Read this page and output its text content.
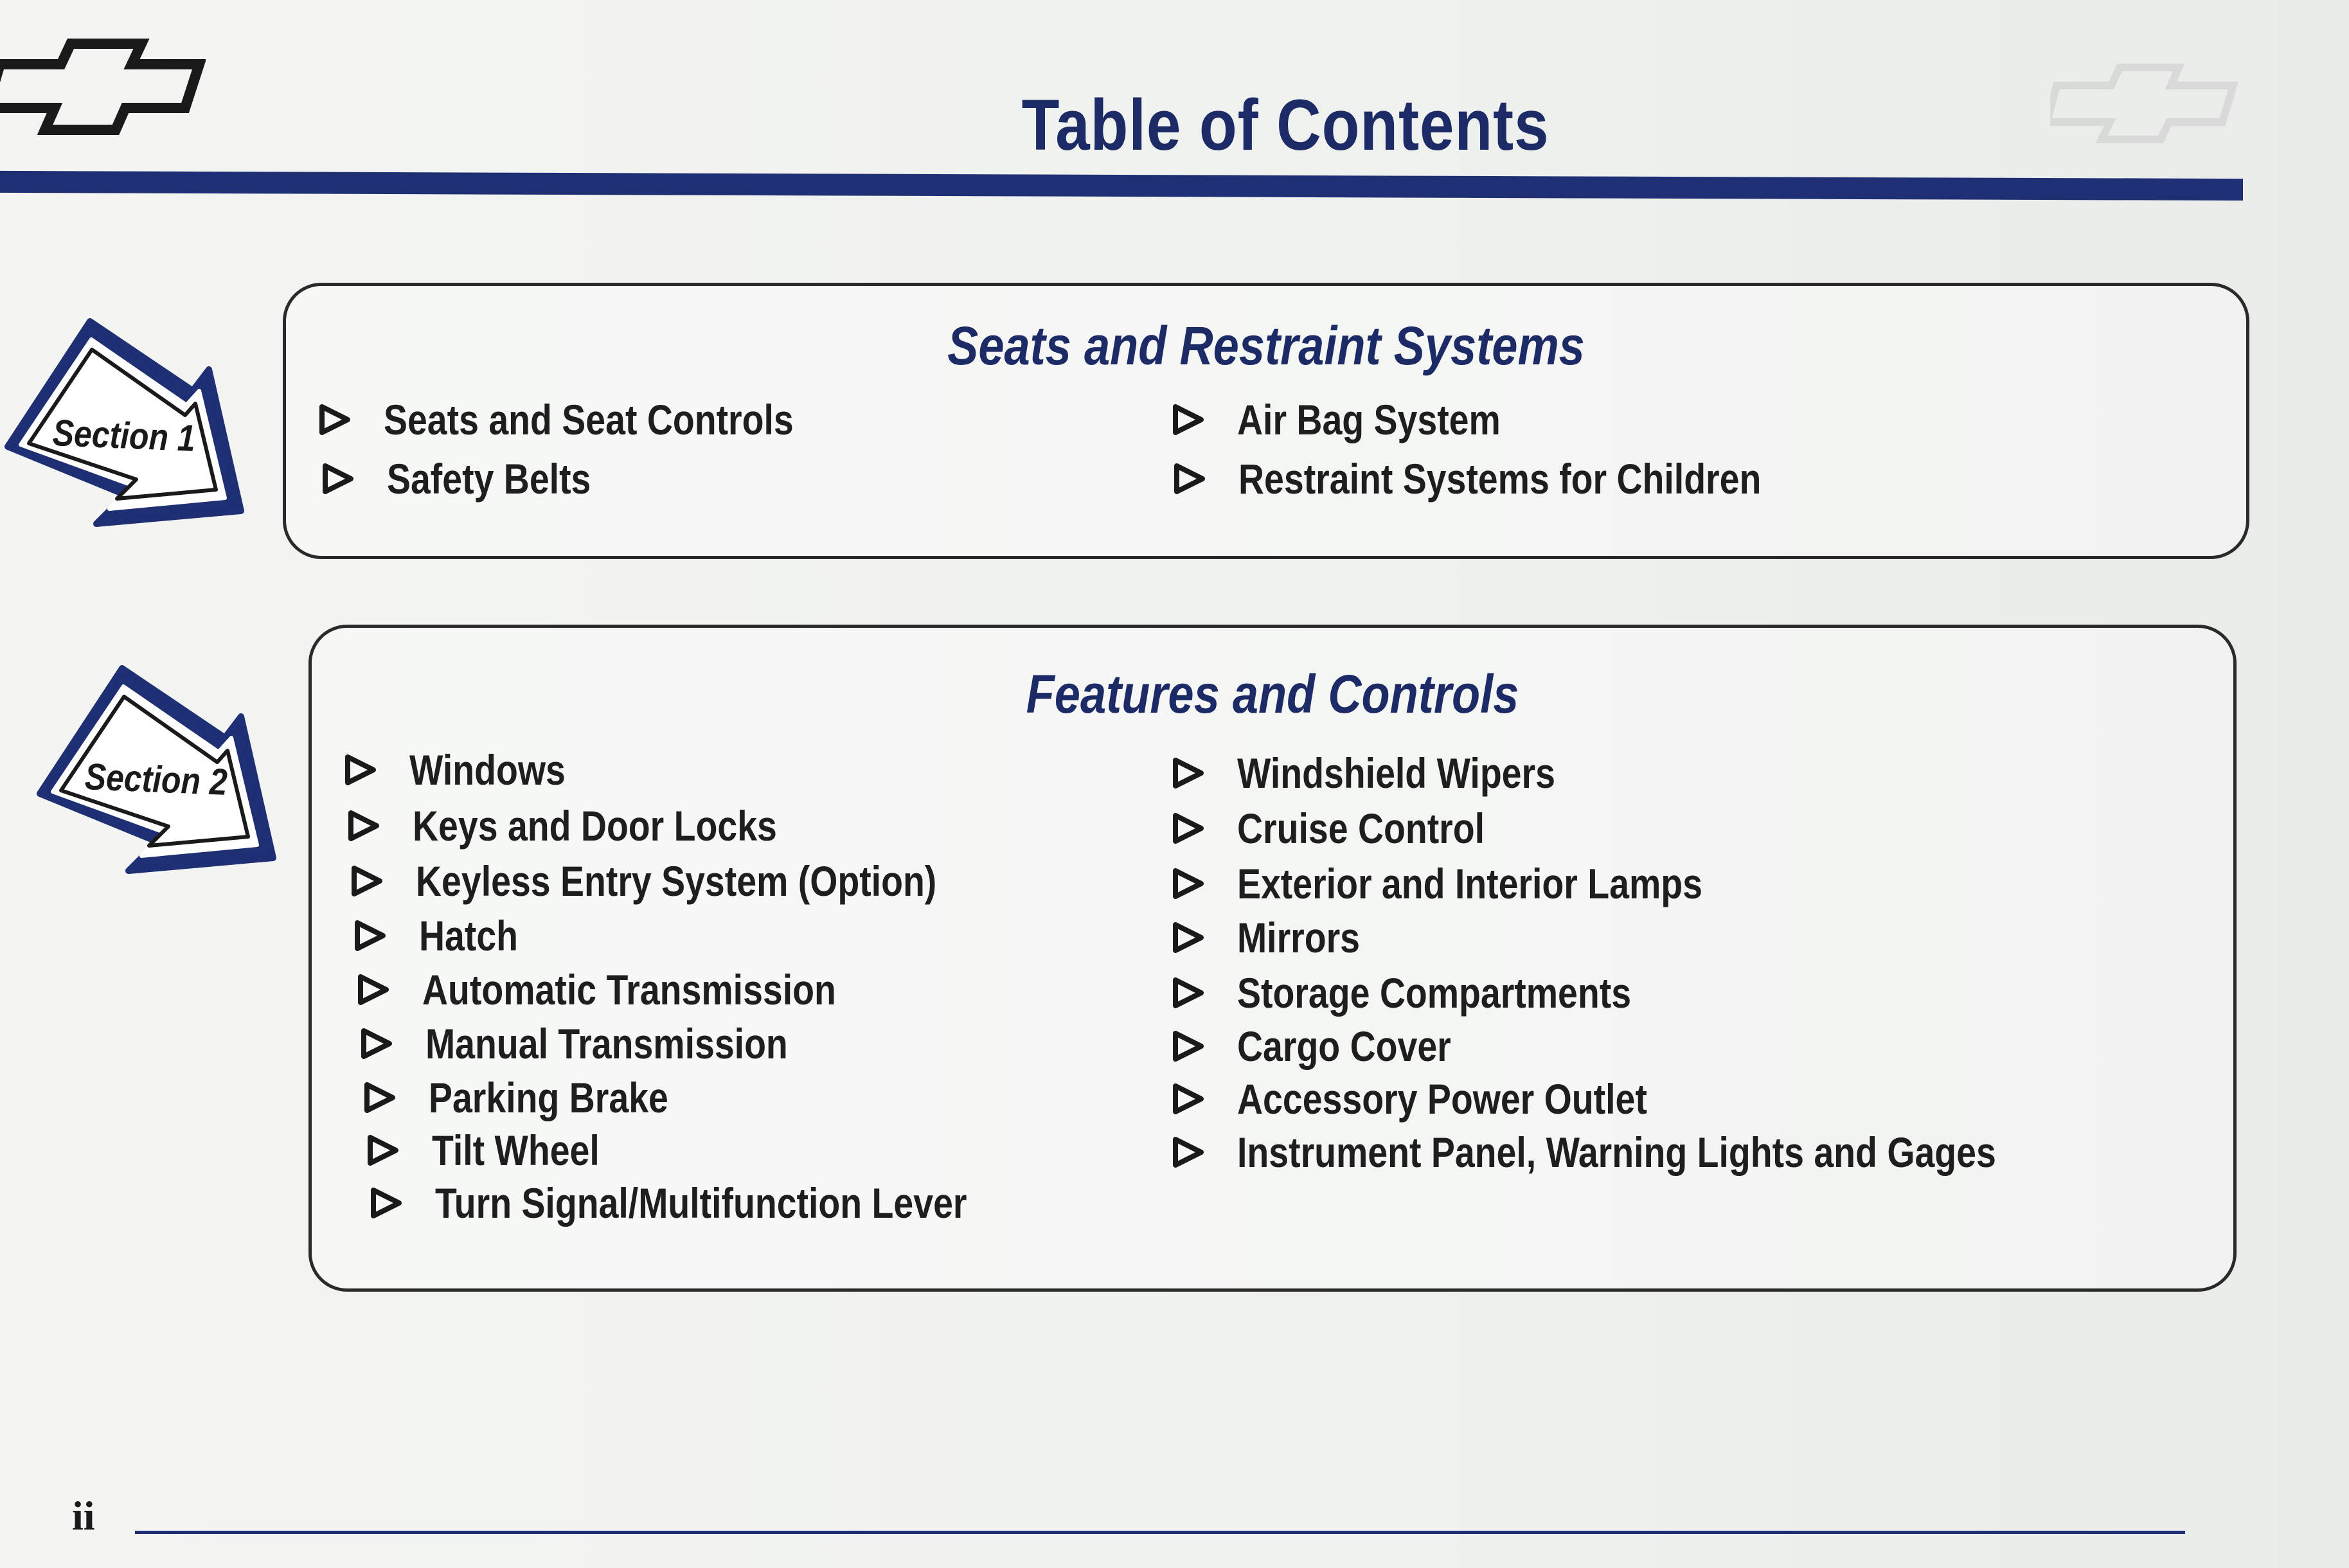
Table of Contents
Section 1
Seats and Restraint Systems
Seats and Seat Controls
Safety Belts
Air Bag System
Restraint Systems for Children
Section 2
Features and Controls
Windows
Keys and Door Locks
Keyless Entry System (Option)
Hatch
Automatic Transmission
Manual Transmission
Parking Brake
Tilt Wheel
Turn Signal/Multifunction Lever
Windshield Wipers
Cruise Control
Exterior and Interior Lamps
Mirrors
Storage Compartments
Cargo Cover
Accessory Power Outlet
Instrument Panel, Warning Lights and Gages
ii
